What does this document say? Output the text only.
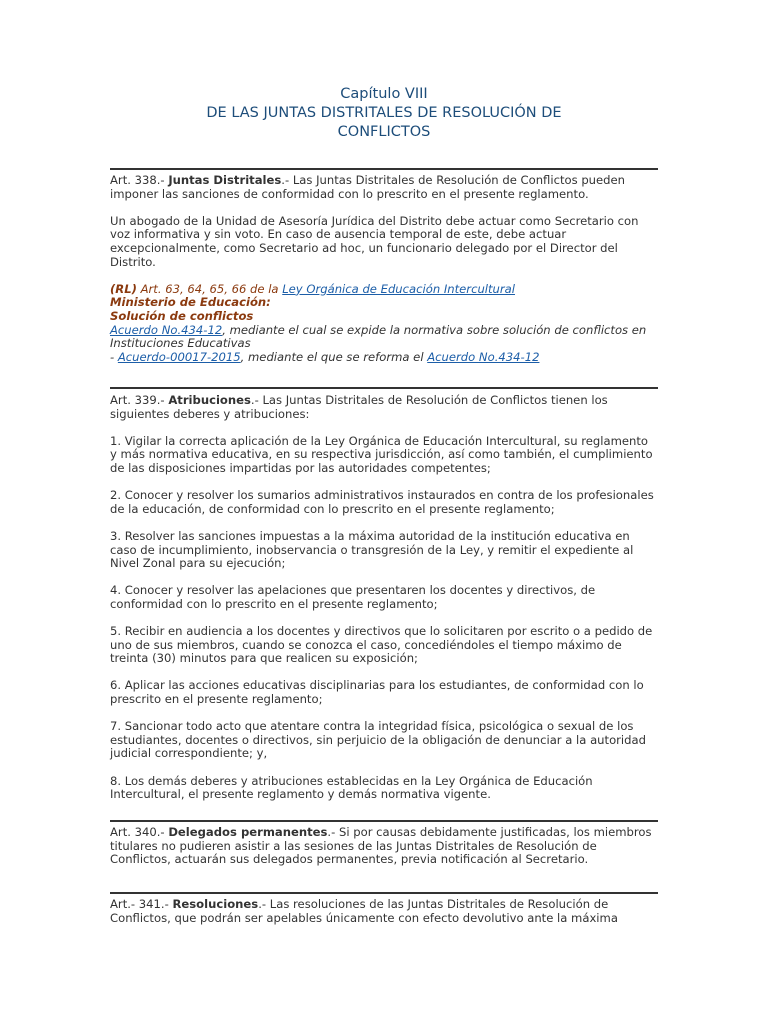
Capítulo VIII
DE LAS JUNTAS DISTRITALES DE RESOLUCIÓN DE
CONFLICTOS

Art. 338.- Juntas Distritales.- Las Juntas Distritales de Resolución de Conflictos pueden imponer las sanciones de conformidad con lo prescrito en el presente reglamento.

Un abogado de la Unidad de Asesoría Jurídica del Distrito debe actuar como Secretario con voz informativa y sin voto. En caso de ausencia temporal de este, debe actuar excepcionalmente, como Secretario ad hoc, un funcionario delegado por el Director del Distrito.

(RL) Art. 63, 64, 65, 66 de la Ley Orgánica de Educación Intercultural

Ministerio de Educación:

Solución de conflictos

Acuerdo No.434-12, mediante el cual se expide la normativa sobre solución de conflictos en Instituciones Educativas

- Acuerdo-00017-2015, mediante el que se reforma el Acuerdo No.434-12

Art. 339.- Atribuciones.- Las Juntas Distritales de Resolución de Conflictos tienen los siguientes deberes y atribuciones:

1. Vigilar la correcta aplicación de la Ley Orgánica de Educación Intercultural, su reglamento y más normativa educativa, en su respectiva jurisdicción, así como también, el cumplimiento de las disposiciones impartidas por las autoridades competentes;

2. Conocer y resolver los sumarios administrativos instaurados en contra de los profesionales de la educación, de conformidad con lo prescrito en el presente reglamento;

3. Resolver las sanciones impuestas a la máxima autoridad de la institución educativa en caso de incumplimiento, inobservancia o transgresión de la Ley, y remitir el expediente al Nivel Zonal para su ejecución;

4. Conocer y resolver las apelaciones que presentaren los docentes y directivos, de conformidad con lo prescrito en el presente reglamento;

5. Recibir en audiencia a los docentes y directivos que lo solicitaren por escrito o a pedido de uno de sus miembros, cuando se conozca el caso, concediéndoles el tiempo máximo de treinta (30) minutos para que realicen su exposición;

6. Aplicar las acciones educativas disciplinarias para los estudiantes, de conformidad con lo prescrito en el presente reglamento;

7. Sancionar todo acto que atentare contra la integridad física, psicológica o sexual de los estudiantes, docentes o directivos, sin perjuicio de la obligación de denunciar a la autoridad judicial correspondiente; y,

8. Los demás deberes y atribuciones establecidas en la Ley Orgánica de Educación Intercultural, el presente reglamento y demás normativa vigente.

Art. 340.- Delegados permanentes.- Si por causas debidamente justificadas, los miembros titulares no pudieren asistir a las sesiones de las Juntas Distritales de Resolución de Conflictos, actuarán sus delegados permanentes, previa notificación al Secretario.

Art.- 341.- Resoluciones.- Las resoluciones de las Juntas Distritales de Resolución de Conflictos, que podrán ser apelables únicamente con efecto devolutivo ante la máxima
